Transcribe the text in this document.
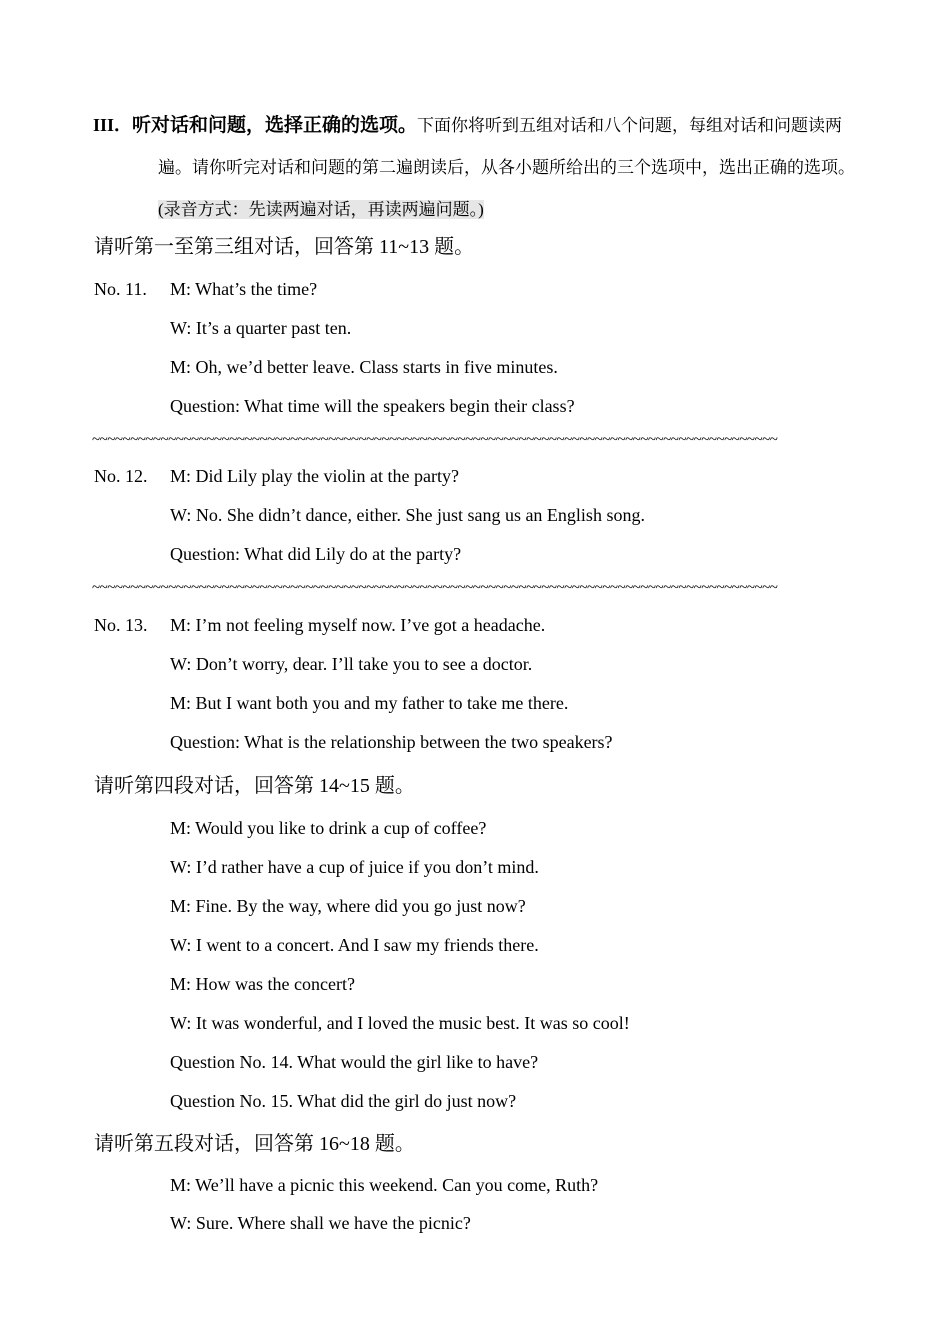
III．听对话和问题，选择正确的选项。下面你将听到五组对话和八个问题，每组对话和问题读两遍。请你听完对话和问题的第二遍朗读后，从各小题所给出的三个选项中，选出正确的选项。(录音方式：先读两遍对话，再读两遍问题。)
请听第一至第三组对话，回答第 11~13 题。
No. 11. M: What’s the time?
W: It’s a quarter past ten.
M: Oh, we’d better leave. Class starts in five minutes.
Question: What time will the speakers begin their class?
~~~~~~~~~~~~~~~~~~~~~~~~~~~~~~~~~~~~~~~~~~~~~~~~~~~~~~~~~~~~~~~~~~~~~~~~~~~~~~~~~~~~~~~~~~
No. 12. M: Did Lily play the violin at the party?
W: No. She didn’t dance, either. She just sang us an English song.
Question: What did Lily do at the party?
~~~~~~~~~~~~~~~~~~~~~~~~~~~~~~~~~~~~~~~~~~~~~~~~~~~~~~~~~~~~~~~~~~~~~~~~~~~~~~~~~~~~~~~~~~
No. 13. M: I’m not feeling myself now. I’ve got a headache.
W: Don’t worry, dear. I’ll take you to see a doctor.
M: But I want both you and my father to take me there.
Question: What is the relationship between the two speakers?
请听第四段对话，回答第 14~15 题。
M: Would you like to drink a cup of coffee?
W: I’d rather have a cup of juice if you don’t mind.
M: Fine. By the way, where did you go just now?
W: I went to a concert. And I saw my friends there.
M: How was the concert?
W: It was wonderful, and I loved the music best. It was so cool!
Question No. 14. What would the girl like to have?
Question No. 15. What did the girl do just now?
请听第五段对话，回答第 16~18 题。
M: We’ll have a picnic this weekend. Can you come, Ruth?
W: Sure. Where shall we have the picnic?
